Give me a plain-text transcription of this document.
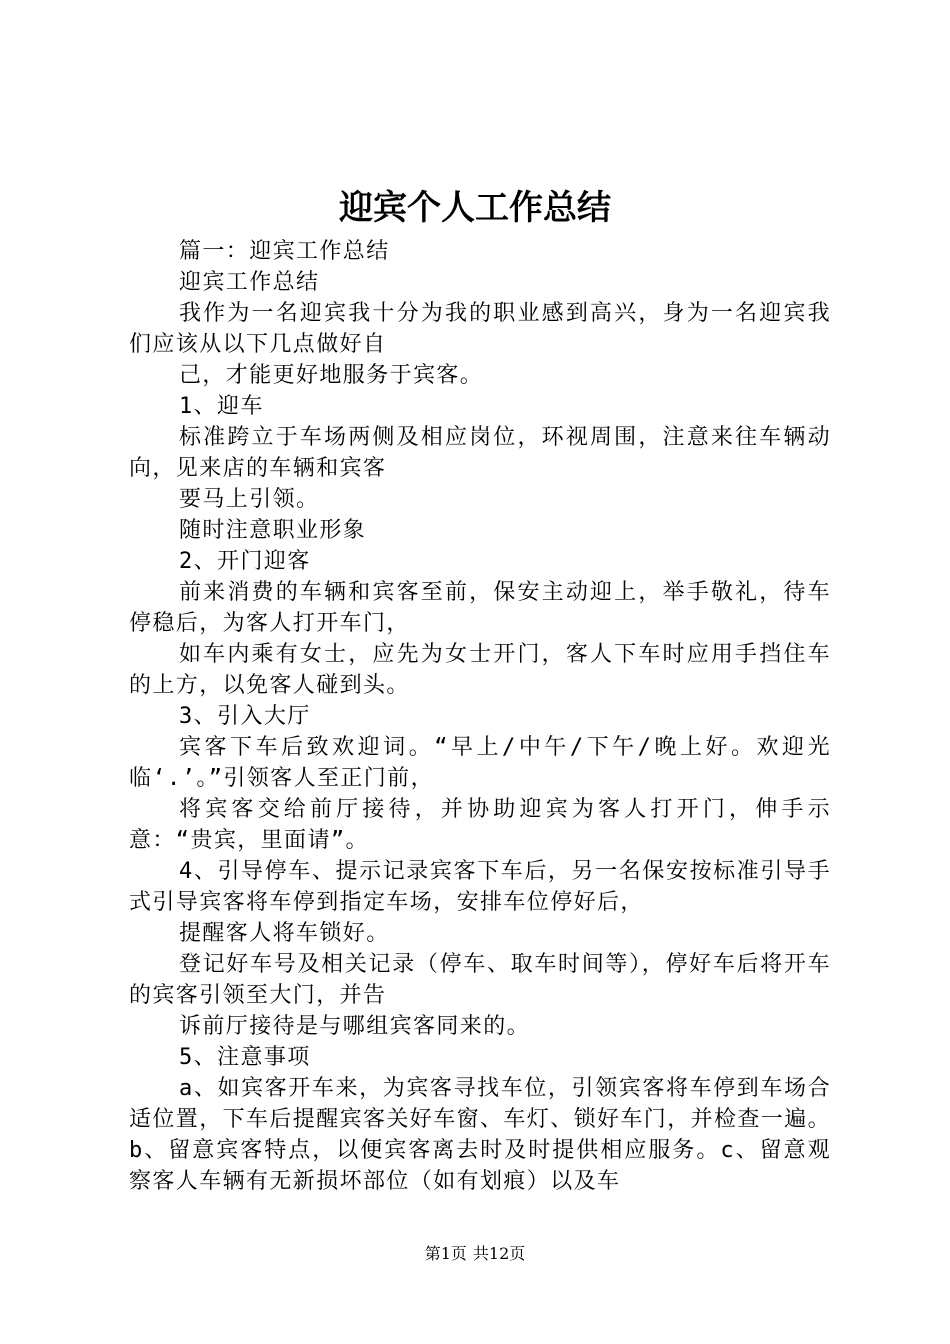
迎宾个人工作总结

篇一：迎宾工作总结

迎宾工作总结

我作为一名迎宾我十分为我的职业感到高兴，身为一名迎宾我们应该从以下几点做好自

己，才能更好地服务于宾客。

1、迎车

标准跨立于车场两侧及相应岗位，环视周围，注意来往车辆动向，见来店的车辆和宾客

要马上引领。

随时注意职业形象

2、开门迎客

前来消费的车辆和宾客至前，保安主动迎上，举手敬礼，待车停稳后，为客人打开车门，

如车内乘有女士，应先为女士开门，客人下车时应用手挡住车的上方，以免客人碰到头。

3、引入大厅

宾客下车后致欢迎词。“早上/中午/下午/晚上好。欢迎光临‘.’。”引领客人至正门前，

将宾客交给前厅接待，并协助迎宾为客人打开门，伸手示意：“贵宾，里面请”。

4、引导停车、提示记录宾客下车后，另一名保安按标准引导手式引导宾客将车停到指定车场，安排车位停好后，

提醒客人将车锁好。

登记好车号及相关记录（停车、取车时间等），停好车后将开车的宾客引领至大门，并告

诉前厅接待是与哪组宾客同来的。

5、注意事项

a、如宾客开车来，为宾客寻找车位，引领宾客将车停到车场合适位置，下车后提醒宾客关好车窗、车灯、锁好车门，并检查一遍。b、留意宾客特点，以便宾客离去时及时提供相应服务。c、留意观察客人车辆有无新损坏部位（如有划痕）以及车

第1页 共12页
